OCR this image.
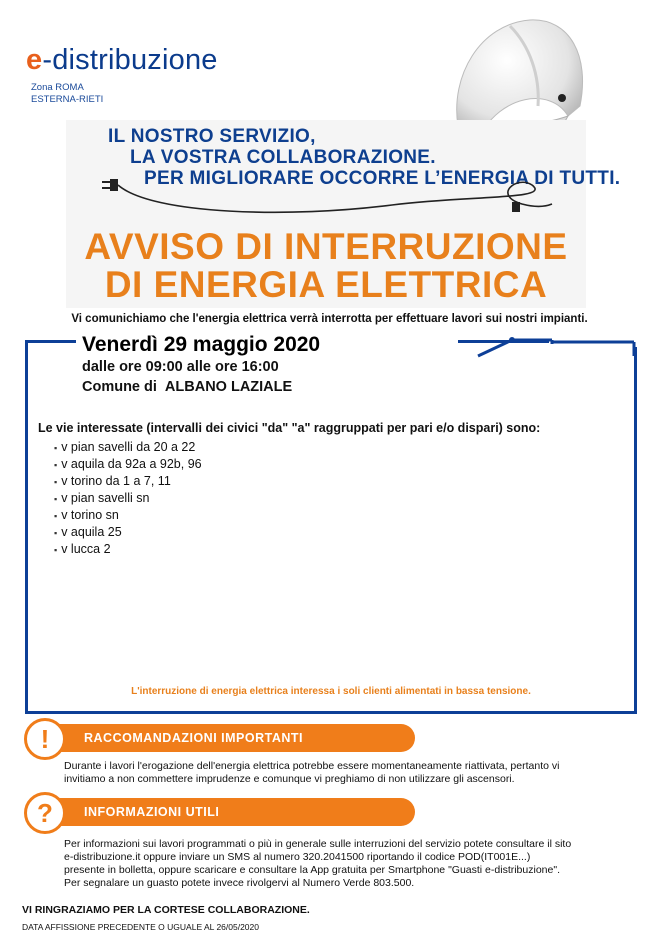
e-distribuzione
Zona ROMA
ESTERNA-RIETI
IL NOSTRO SERVIZIO,
LA VOSTRA COLLABORAZIONE.
PER MIGLIORARE OCCORRE L’ENERGIA DI TUTTI.
AVVISO DI INTERRUZIONE
DI ENERGIA ELETTRICA
Vi comunichiamo che l'energia elettrica verrà interrotta per effettuare lavori sui nostri impianti.
Venerdì 29 maggio 2020
dalle ore 09:00 alle ore 16:00
Comune di ALBANO LAZIALE
Le vie interessate (intervalli dei civici "da" "a" raggruppati per pari e/o dispari) sono:
▪ v pian savelli da 20 a 22
▪ v aquila da 92a a 92b, 96
▪ v torino da 1 a 7, 11
▪ v pian savelli sn
▪ v torino sn
▪ v aquila 25
▪ v lucca 2
L'interruzione di energia elettrica interessa i soli clienti alimentati in bassa tensione.
RACCOMANDAZIONI IMPORTANTI
!
Durante i lavori l'erogazione dell'energia elettrica potrebbe essere momentaneamente riattivata, pertanto vi
invitiamo a non commettere imprudenze e comunque vi preghiamo di non utilizzare gli ascensori.
INFORMAZIONI UTILI
?
Per informazioni sui lavori programmati o più in generale sulle interruzioni del servizio potete consultare il sito
e-distribuzione.it oppure inviare un SMS al numero 320.2041500 riportando il codice POD(IT001E...)
presente in bolletta, oppure scaricare e consultare la App gratuita per Smartphone "Guasti e-distribuzione".
Per segnalare un guasto potete invece rivolgervi al Numero Verde 803.500.
VI RINGRAZIAMO PER LA CORTESE COLLABORAZIONE.
DATA AFFISSIONE PRECEDENTE O UGUALE AL 26/05/2020
